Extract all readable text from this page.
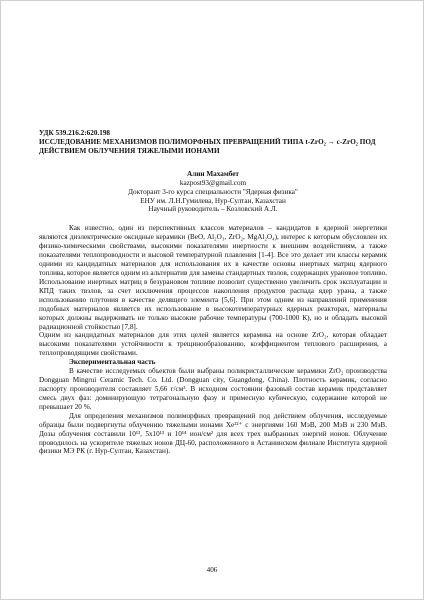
УДК 539.216.2:620.198
ИССЛЕДОВАНИЕ МЕХАНИЗМОВ ПОЛИМОРФНЫХ ПРЕВРАЩЕНИЙ ТИПА t-ZrO₂ → c-ZrO₂ ПОД ДЕЙСТВИЕМ ОБЛУЧЕНИЯ ТЯЖЕЛЫМИ ИОНАМИ
Алин Махамбет
kazpost93@gmail.com
Докторант 3-го курса специальности "Ядерная физика"
ЕНУ им. Л.Н.Гумилева, Нур-Султан, Казахстан
Научный руководитель – Козловский А.Л.

Как известно, один из перспективных классов материалов – кандидатов в ядерной энергетики являются диэлектрические оксидные керамики (BeO, Al₂O₃, ZrO₂, MgAl₂O₄), интерес к которым обусловлен их физико-химическими свойствами, высокими показателями инертности к внешним воздействиям, а также показателями теплопроводности и высокой температурной плавления [1-4]. Все это делает эти классы керамик одними из кандидатных материалов для использования их в качестве основы инертных матриц ядерного топлива, которое является одним из альтернатив для замены стандартных твэлов, содержащих урановое топливо. Использование инертных матриц в безурановом топливе позволит существенно увеличить срок эксплуатации и КПД таких твэлов, за счет исключения процессов накопления продуктов распада ядер урана, а также использованию плутония в качестве делящего элемента [5,6]. При этом одним из направлений применения подобных материалов является их использование в высокотемпературных ядерных реакторах, материалы которых должны выдерживать не только высокие рабочие температуры (700-1000 К), но и обладать высокой радиационной стойкостью [7,8].

Одним из кандидатных материалов для этих целей является керамика на основе ZrO₂, которая обладает высокими показателями устойчивости к трещинообразованию, коэффициентом теплового расширения, а теплопроводящими свойствами.

Экспериментальная часть

В качестве исследуемых объектов были выбраны поликристаллические керамики ZrO₂ производства Dongguan Mingrui Ceramic Tech. Co. Ltd. (Dongguan city, Guangdong, China). Плотность керамик, согласно паспорту производителя составляет 5,66 г/см³. В исходном состоянии фазовый состав керамик представляет смесь двух фаз: доминирующую тетрагональную фазу и примесную кубическую, содержание которой не превышает 20 %.

Для определения механизмов полиморфных превращений под действием облучения, исследуемые образцы были подвергнуты облучению тяжелыми ионами Xe²²⁺ с энергиями 160 МэВ, 200 МэВ и 230 МэВ. Дозы облучения составили 10¹³, 5x10¹³ и 10¹⁴ ион/см² для всех трех выбранных энергий ионов. Облучение проводилось на ускорителе тяжелых ионов ДЦ-60, расположенного в Астанинском филиале Института ядерной физики МЭ РК (г. Нур-Султан, Казахстан).

406
